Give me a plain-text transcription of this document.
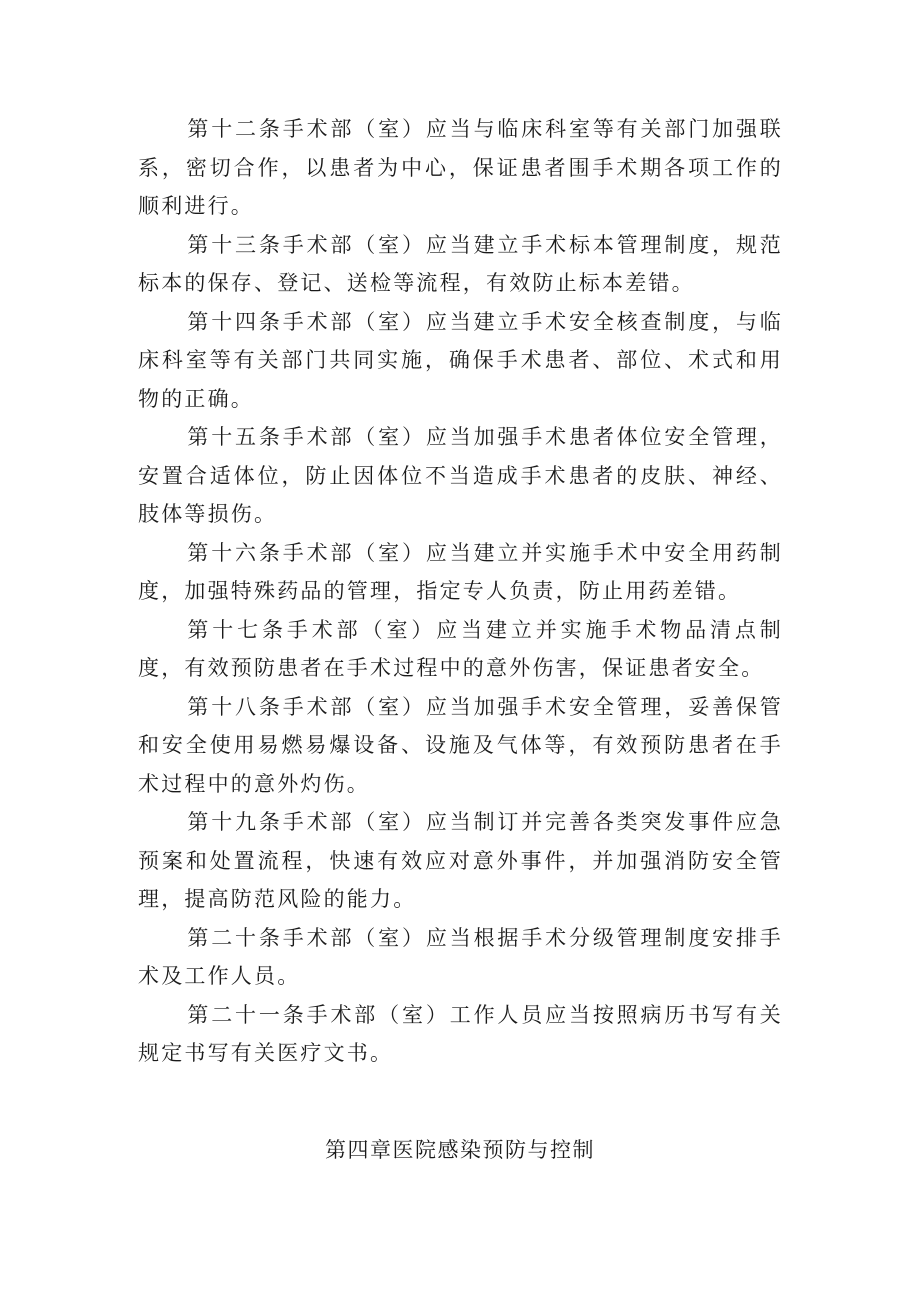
第十二条手术部（室）应当与临床科室等有关部门加强联系，密切合作，以患者为中心，保证患者围手术期各项工作的顺利进行。

第十三条手术部（室）应当建立手术标本管理制度，规范标本的保存、登记、送检等流程，有效防止标本差错。

第十四条手术部（室）应当建立手术安全核查制度，与临床科室等有关部门共同实施，确保手术患者、部位、术式和用物的正确。

第十五条手术部（室）应当加强手术患者体位安全管理，安置合适体位，防止因体位不当造成手术患者的皮肤、神经、肢体等损伤。

第十六条手术部（室）应当建立并实施手术中安全用药制度，加强特殊药品的管理，指定专人负责，防止用药差错。

第十七条手术部（室）应当建立并实施手术物品清点制度，有效预防患者在手术过程中的意外伤害，保证患者安全。

第十八条手术部（室）应当加强手术安全管理，妥善保管和安全使用易燃易爆设备、设施及气体等，有效预防患者在手术过程中的意外灼伤。

第十九条手术部（室）应当制订并完善各类突发事件应急预案和处置流程，快速有效应对意外事件，并加强消防安全管理，提高防范风险的能力。

第二十条手术部（室）应当根据手术分级管理制度安排手术及工作人员。

第二十一条手术部（室）工作人员应当按照病历书写有关规定书写有关医疗文书。

第四章医院感染预防与控制
